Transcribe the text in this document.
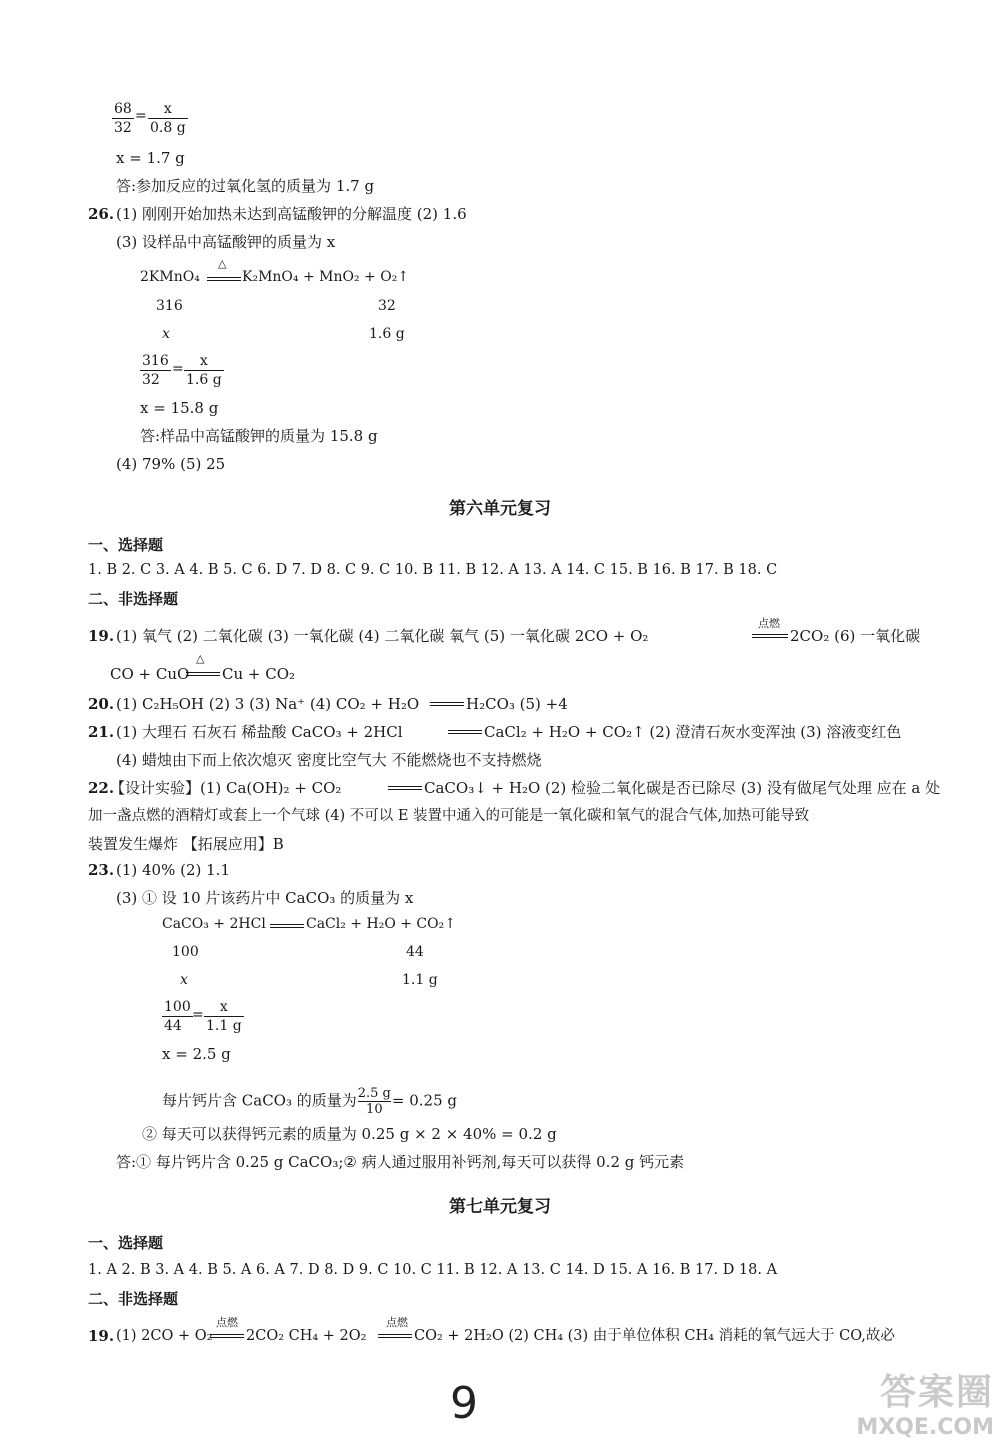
$\frac{68}{32} = \frac{x}{0.8 g}$
x = 1.7 g
答:参加反应的过氧化氢的质量为 1.7 g
26. (1) 刚刚开始加热未达到高锰酸钾的分解温度 (2) 1.6
(3) 设样品中高锰酸钾的质量为 x
2KMnO₄
△
K₂MnO₄ + MnO₂ + O₂↑
316	32
x	1.6 g
$\frac{316}{32} = \frac{x}{1.6 g}$
x = 15.8 g
答:样品中高锰酸钾的质量为 15.8 g
(4) 79% (5) 25
第六单元复习
一、选择题
1. B 2. C 3. A 4. B 5. C 6. D 7. D 8. C 9. C 10. B 11. B 12. A 13. A 14. C 15. B 16. B 17. B 18. C
二、非选择题
19. (1) 氧气 (2) 二氧化碳 (3) 一氧化碳 (4) 二氧化碳 氧气 (5) 一氧化碳 2CO + O₂
点燃
2CO₂ (6) 一氧化碳
CO + CuO
△
Cu + CO₂
20. (1) C₂H₅OH (2) 3 (3) Na⁺ (4) CO₂ + H₂O	H₂CO₃ (5) +4
21. (1) 大理石 石灰石 稀盐酸 CaCO₃ + 2HCl	CaCl₂ + H₂O + CO₂↑ (2) 澄清石灰水变浑浊 (3) 溶液变红色
(4) 蜡烛由下而上依次熄灭 密度比空气大 不能燃烧也不支持燃烧
22.
【设计实验】(1) Ca(OH)₂ + CO₂	CaCO₃↓ + H₂O (2) 检验二氧化碳是否已除尽 (3) 没有做尾气处理 应在 a 处
加一盏点燃的酒精灯或套上一个气球 (4) 不可以 E 装置中通入的可能是一氧化碳和氧气的混合气体,加热可能导致
装置发生爆炸 【拓展应用】B
23. (1) 40% (2) 1.1
(3) ① 设 10 片该药片中 CaCO₃ 的质量为 x
CaCO₃ + 2HCl	CaCl₂ + H₂O + CO₂↑
100	44
x	1.1 g
$\frac{100}{44} = \frac{x}{1.1 g}$
x = 2.5 g
每片钙片含 CaCO₃ 的质量为 $\frac{2.5 g}{10} = 0.25$ g
② 每天可以获得钙元素的质量为 0.25 g × 2 × 40% = 0.2 g
答:① 每片钙片含 0.25 g CaCO₃;② 病人通过服用补钙剂,每天可以获得 0.2 g 钙元素
第七单元复习
一、选择题
1. A 2. B 3. A 4. B 5. A 6. A 7. D 8. D 9. C 10. C 11. B 12. A 13. C 14. D 15. A 16. B 17. D 18. A
二、非选择题
19. (1) 2CO + O₂
点燃
2CO₂ CH₄ + 2O₂
点燃
CO₂ + 2H₂O (2) CH₄ (3) 由于单位体积 CH₄ 消耗的氧气远大于 CO,故必
9	答案圈
MXQE.COM
